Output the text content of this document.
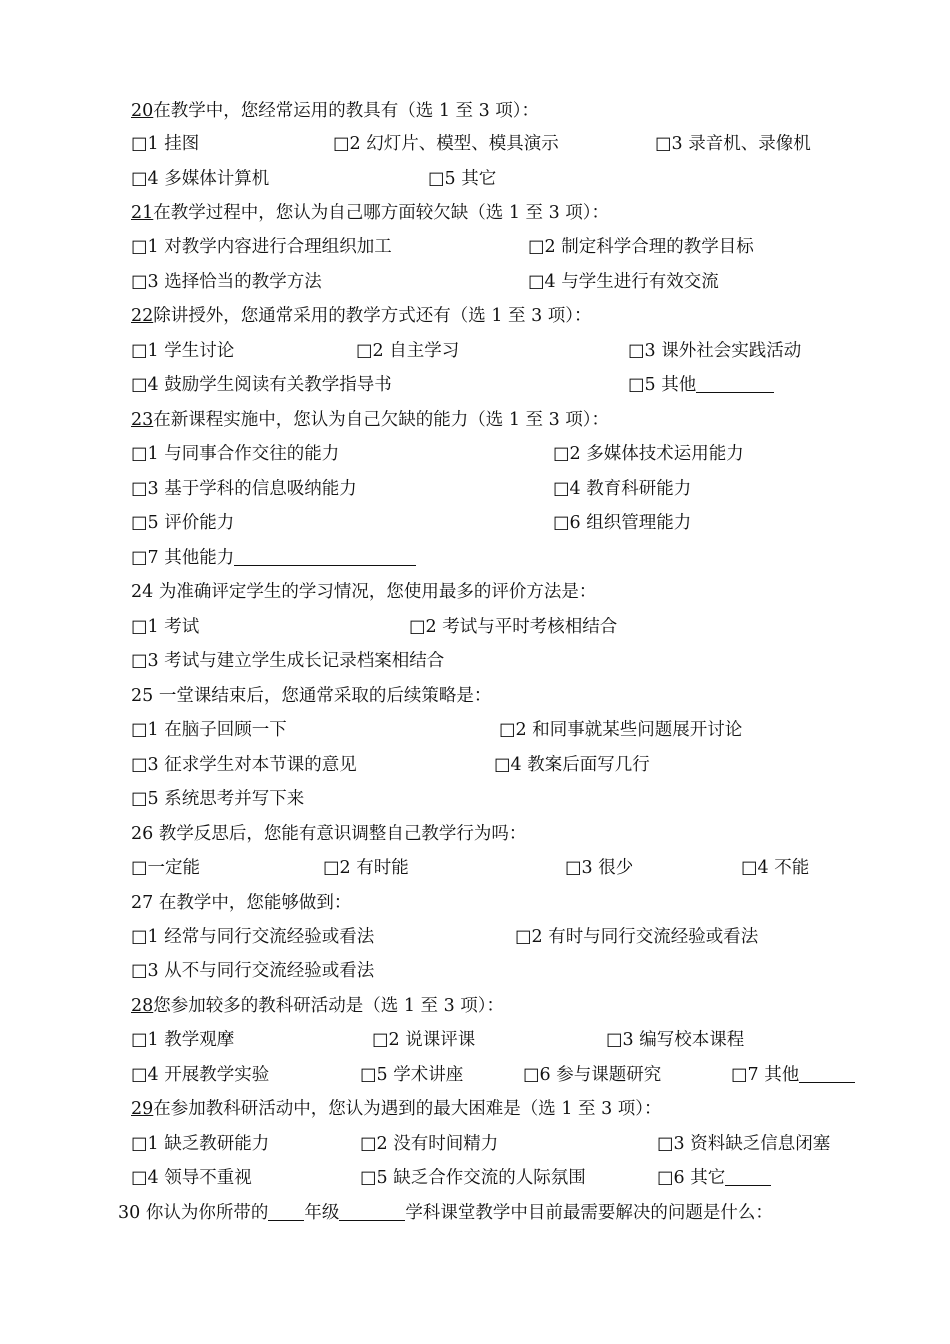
20在教学中，您经常运用的教具有（选 1 至 3 项）：
□1 挂图	□2 幻灯片、模型、模具演示	□3 录音机、录像机
□4 多媒体计算机	□5 其它
21在教学过程中，您认为自己哪方面较欠缺（选 1 至 3 项）：
□1 对教学内容进行合理组织加工	□2 制定科学合理的教学目标
□3 选择恰当的教学方法	□4 与学生进行有效交流
22除讲授外，您通常采用的教学方式还有（选 1 至 3 项）：
□1 学生讨论	□2 自主学习	□3 课外社会实践活动
□4 鼓励学生阅读有关教学指导书	□5 其他
23在新课程实施中，您认为自己欠缺的能力（选 1 至 3 项）：
□1 与同事合作交往的能力	□2 多媒体技术运用能力
□3 基于学科的信息吸纳能力	□4 教育科研能力
□5 评价能力	□6 组织管理能力
□7 其他能力
24 为准确评定学生的学习情况，您使用最多的评价方法是：
□1 考试	□2 考试与平时考核相结合
□3 考试与建立学生成长记录档案相结合
25 一堂课结束后，您通常采取的后续策略是：
□1 在脑子回顾一下	□2 和同事就某些问题展开讨论
□3 征求学生对本节课的意见	□4 教案后面写几行
□5 系统思考并写下来
26 教学反思后，您能有意识调整自己教学行为吗：
□一定能	□2 有时能	□3 很少	□4 不能
27 在教学中，您能够做到：
□1 经常与同行交流经验或看法	□2 有时与同行交流经验或看法
□3 从不与同行交流经验或看法
28您参加较多的教科研活动是（选 1 至 3 项）：
□1 教学观摩	□2 说课评课	□3 编写校本课程
□4 开展教学实验	□5 学术讲座	□6 参与课题研究	□7 其他
29在参加教科研活动中，您认为遇到的最大困难是（选 1 至 3 项）：
□1 缺乏教研能力	□2 没有时间精力	□3 资料缺乏信息闭塞
□4 领导不重视	□5 缺乏合作交流的人际氛围	□6 其它
30 你认为你所带的 年级	学科课堂教学中目前最需要解决的问题是什么：
